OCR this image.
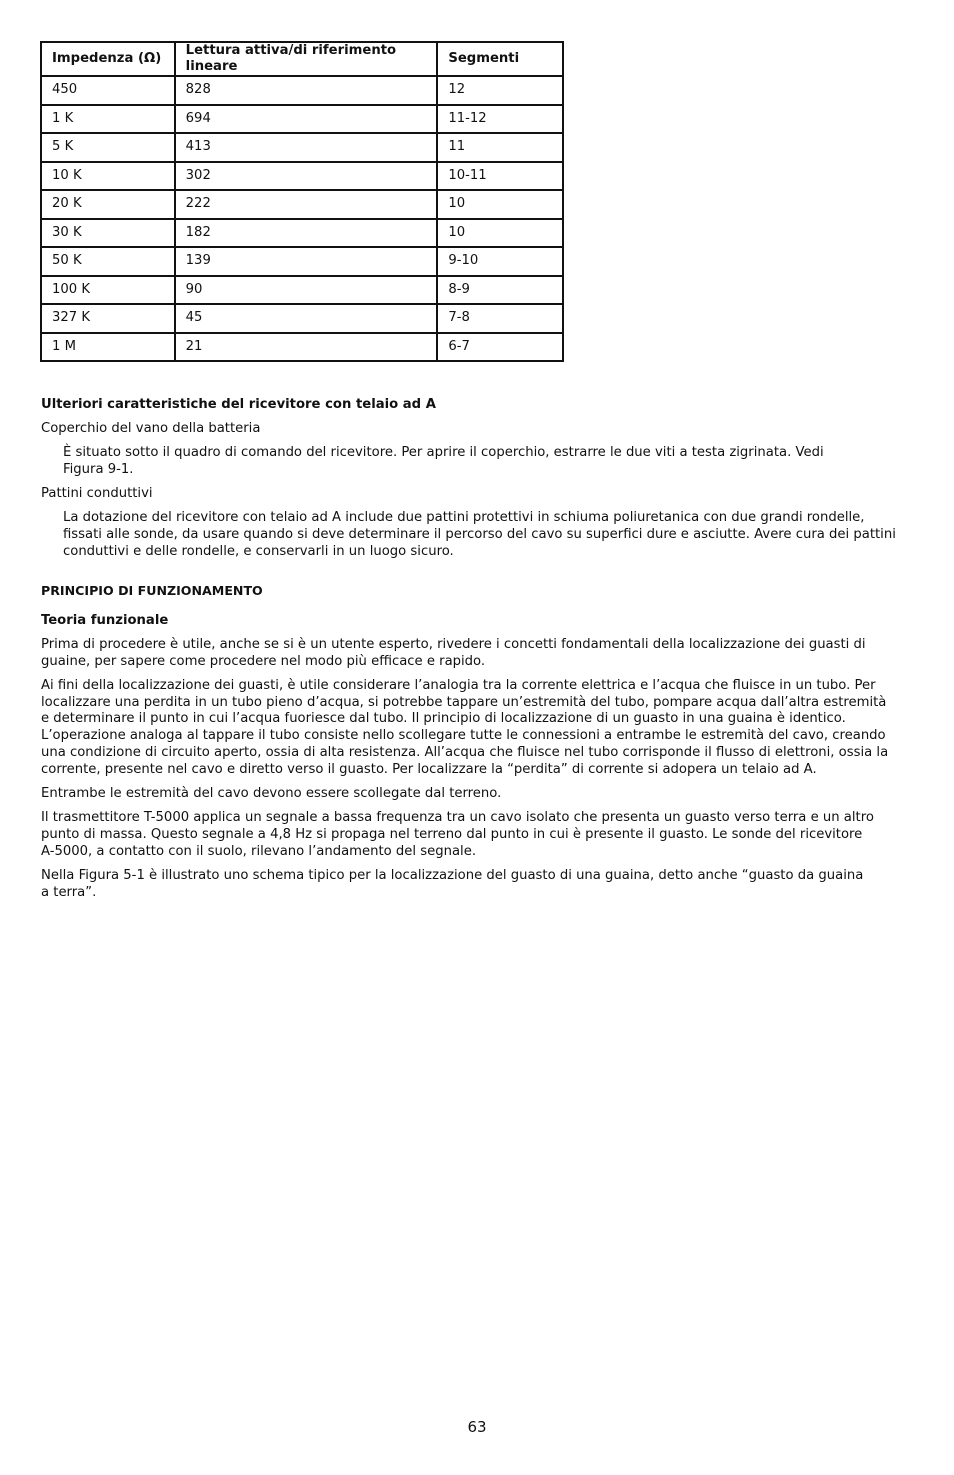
Impedenza (Ω)	Lettura attiva/di riferimento lineare	Segmenti
450	828	12
1 K	694	11-12
5 K	413	11
10 K	302	10-11
20 K	222	10
30 K	182	10
50 K	139	9-10
100 K	90	8-9
327 K	45	7-8
1 M	21	6-7
Ulteriori caratteristiche del ricevitore con telaio ad A
Coperchio del vano della batteria
È situato sotto il quadro di comando del ricevitore. Per aprire il coperchio, estrarre le due viti a testa zigrinata. Vedi
Figura 9-1.
Pattini conduttivi
La dotazione del ricevitore con telaio ad A include due pattini protettivi in schiuma poliuretanica con due grandi rondelle,
fissati alle sonde, da usare quando si deve determinare il percorso del cavo su superfici dure e asciutte. Avere cura dei pattini
conduttivi e delle rondelle, e conservarli in un luogo sicuro.
PRINCIPIO DI FUNZIONAMENTO
Teoria funzionale
Prima di procedere è utile, anche se si è un utente esperto, rivedere i concetti fondamentali della localizzazione dei guasti di
guaine, per sapere come procedere nel modo più efficace e rapido.
Ai fini della localizzazione dei guasti, è utile considerare l’analogia tra la corrente elettrica e l’acqua che fluisce in un tubo. Per
localizzare una perdita in un tubo pieno d’acqua, si potrebbe tappare un’estremità del tubo, pompare acqua dall’altra estremità
e determinare il punto in cui l’acqua fuoriesce dal tubo. Il principio di localizzazione di un guasto in una guaina è identico.
L’operazione analoga al tappare il tubo consiste nello scollegare tutte le connessioni a entrambe le estremità del cavo, creando
una condizione di circuito aperto, ossia di alta resistenza. All’acqua che fluisce nel tubo corrisponde il flusso di elettroni, ossia la
corrente, presente nel cavo e diretto verso il guasto. Per localizzare la “perdita” di corrente si adopera un telaio ad A.
Entrambe le estremità del cavo devono essere scollegate dal terreno.
Il trasmettitore T-5000 applica un segnale a bassa frequenza tra un cavo isolato che presenta un guasto verso terra e un altro
punto di massa. Questo segnale a 4,8 Hz si propaga nel terreno dal punto in cui è presente il guasto. Le sonde del ricevitore
A-5000, a contatto con il suolo, rilevano l’andamento del segnale.
Nella Figura 5-1 è illustrato uno schema tipico per la localizzazione del guasto di una guaina, detto anche “guasto da guaina
a terra”.
63
